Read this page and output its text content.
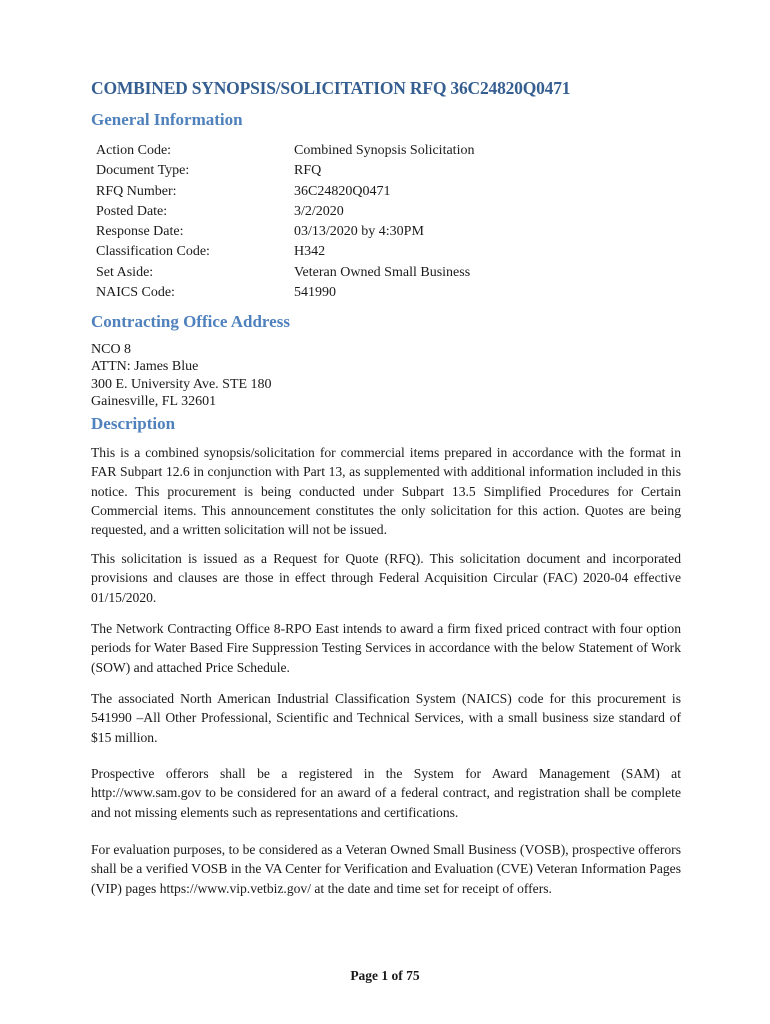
COMBINED SYNOPSIS/SOLICITATION RFQ 36C24820Q0471
General Information
Action Code:	Combined Synopsis Solicitation
Document Type:	RFQ
RFQ Number:	36C24820Q0471
Posted Date:	3/2/2020
Response Date:	03/13/2020 by 4:30PM
Classification Code:	H342
Set Aside:	Veteran Owned Small Business
NAICS Code:	541990
Contracting Office Address
NCO 8
ATTN: James Blue
300 E. University Ave. STE 180
Gainesville, FL 32601
Description
This is a combined synopsis/solicitation for commercial items prepared in accordance with the format in FAR Subpart 12.6 in conjunction with Part 13, as supplemented with additional information included in this notice. This procurement is being conducted under Subpart 13.5 Simplified Procedures for Certain Commercial items. This announcement constitutes the only solicitation for this action. Quotes are being requested, and a written solicitation will not be issued.
This solicitation is issued as a Request for Quote (RFQ). This solicitation document and incorporated provisions and clauses are those in effect through Federal Acquisition Circular (FAC) 2020-04 effective 01/15/2020.
The Network Contracting Office 8-RPO East intends to award a firm fixed priced contract with four option periods for Water Based Fire Suppression Testing Services in accordance with the below Statement of Work (SOW) and attached Price Schedule.
The associated North American Industrial Classification System (NAICS) code for this procurement is 541990 –All Other Professional, Scientific and Technical Services, with a small business size standard of $15 million.
Prospective offerors shall be a registered in the System for Award Management (SAM) at http://www.sam.gov to be considered for an award of a federal contract, and registration shall be complete and not missing elements such as representations and certifications.
For evaluation purposes, to be considered as a Veteran Owned Small Business (VOSB), prospective offerors shall be a verified VOSB in the VA Center for Verification and Evaluation (CVE) Veteran Information Pages (VIP) pages https://www.vip.vetbiz.gov/ at the date and time set for receipt of offers.
Page 1 of 75
